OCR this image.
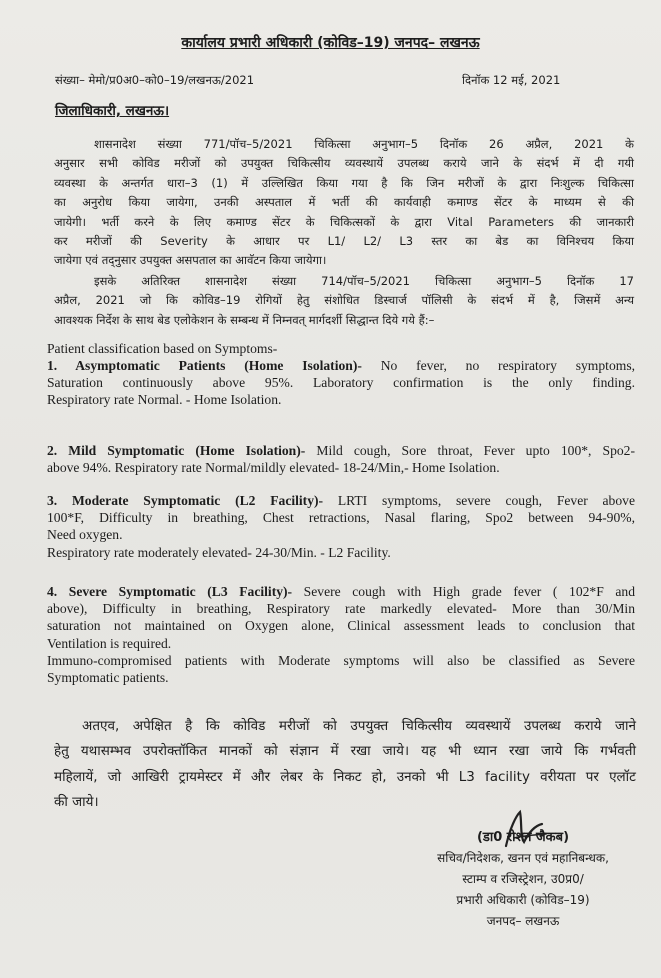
कार्यालय प्रभारी अधिकारी (कोविड–19) जनपद– लखनऊ
संख्या– मेमो/प्र0अ0–को0–19/लखनऊ/2021	दिनॉक 12 मई, 2021
जिलाधिकारी, लखनऊ।
शासनादेश संख्या 771/पॉच–5/2021 चिकित्सा अनुभाग–5 दिनॉक 26 अप्रैल, 2021 के
अनुसार सभी कोविड मरीजों को उपयुक्त चिकित्सीय व्यवस्थायें उपलब्ध कराये जाने के संदर्भ में दी गयी
व्यवस्था के अन्तर्गत धारा–3 (1) में उल्लिखित किया गया है कि जिन मरीजों के द्वारा निःशुल्क चिकित्सा
का अनुरोध किया जायेगा, उनकी अस्पताल में भर्ती की कार्यवाही कमाण्ड सेंटर के माध्यम से की
जायेगी। भर्ती करने के लिए कमाण्ड सेंटर के चिकित्सकों के द्वारा Vital Parameters की जानकारी
कर मरीजों की Severity के आधार पर L1/ L2/ L3 स्तर का बेड का विनिश्चय किया
जायेगा एवं तद्नुसार उपयुक्त असपताल का आवॅटन किया जायेगा।
इसके अतिरिक्त शासनादेश संख्या 714/पॉच–5/2021 चिकित्सा अनुभाग–5 दिनॉक 17
अप्रैल, 2021 जो कि कोविड–19 रोगियों हेतु संशोधित डिस्चार्ज पॉलिसी के संदर्भ में है, जिसमें अन्य
आवश्यक निर्देश के साथ बेड एलोकेशन के सम्बन्ध में निम्नवत् मार्गदर्शी सिद्धान्त दिये गये हैं:–
Patient classification based on Symptoms-
1. Asymptomatic Patients (Home Isolation)- No fever, no respiratory symptoms,
Saturation continuously above 95%. Laboratory confirmation is the only finding.
Respiratory rate Normal. - Home Isolation.
2. Mild Symptomatic (Home Isolation)- Mild cough, Sore throat, Fever upto 100*, Spo2-
above 94%. Respiratory rate Normal/mildly elevated- 18-24/Min,- Home Isolation.
3. Moderate Symptomatic (L2 Facility)- LRTI symptoms, severe cough, Fever above
100*F, Difficulty in breathing, Chest retractions, Nasal flaring, Spo2 between 94-90%,
Need oxygen.
Respiratory rate moderately elevated- 24-30/Min. - L2 Facility.
4. Severe Symptomatic (L3 Facility)- Severe cough with High grade fever ( 102*F and
above), Difficulty in breathing, Respiratory rate markedly elevated- More than 30/Min
saturation not maintained on Oxygen alone, Clinical assessment leads to conclusion that
Ventilation is required.
Immuno-compromised patients with Moderate symptoms will also be classified as Severe
Symptomatic patients.
अतएव, अपेक्षित है कि कोविड मरीजों को उपयुक्त चिकित्सीय व्यवस्थायें उपलब्ध कराये जाने
हेतु यथासम्भव उपरोक्तॉकित मानकों को संज्ञान में रखा जाये। यह भी ध्यान रखा जाये कि गर्भवती
महिलायें, जो आखिरी ट्रायमेस्टर में और लेबर के निकट हो, उनको भी L3 facility वरीयता पर एलॉट
की जाये।
(डा0 रोशन जैकब)
सचिव/निदेशक, खनन एवं महानिबन्धक,
स्टाम्प व रजिस्ट्रेशन, उ0प्र0/
प्रभारी अधिकारी (कोविड–19)
जनपद– लखनऊ
